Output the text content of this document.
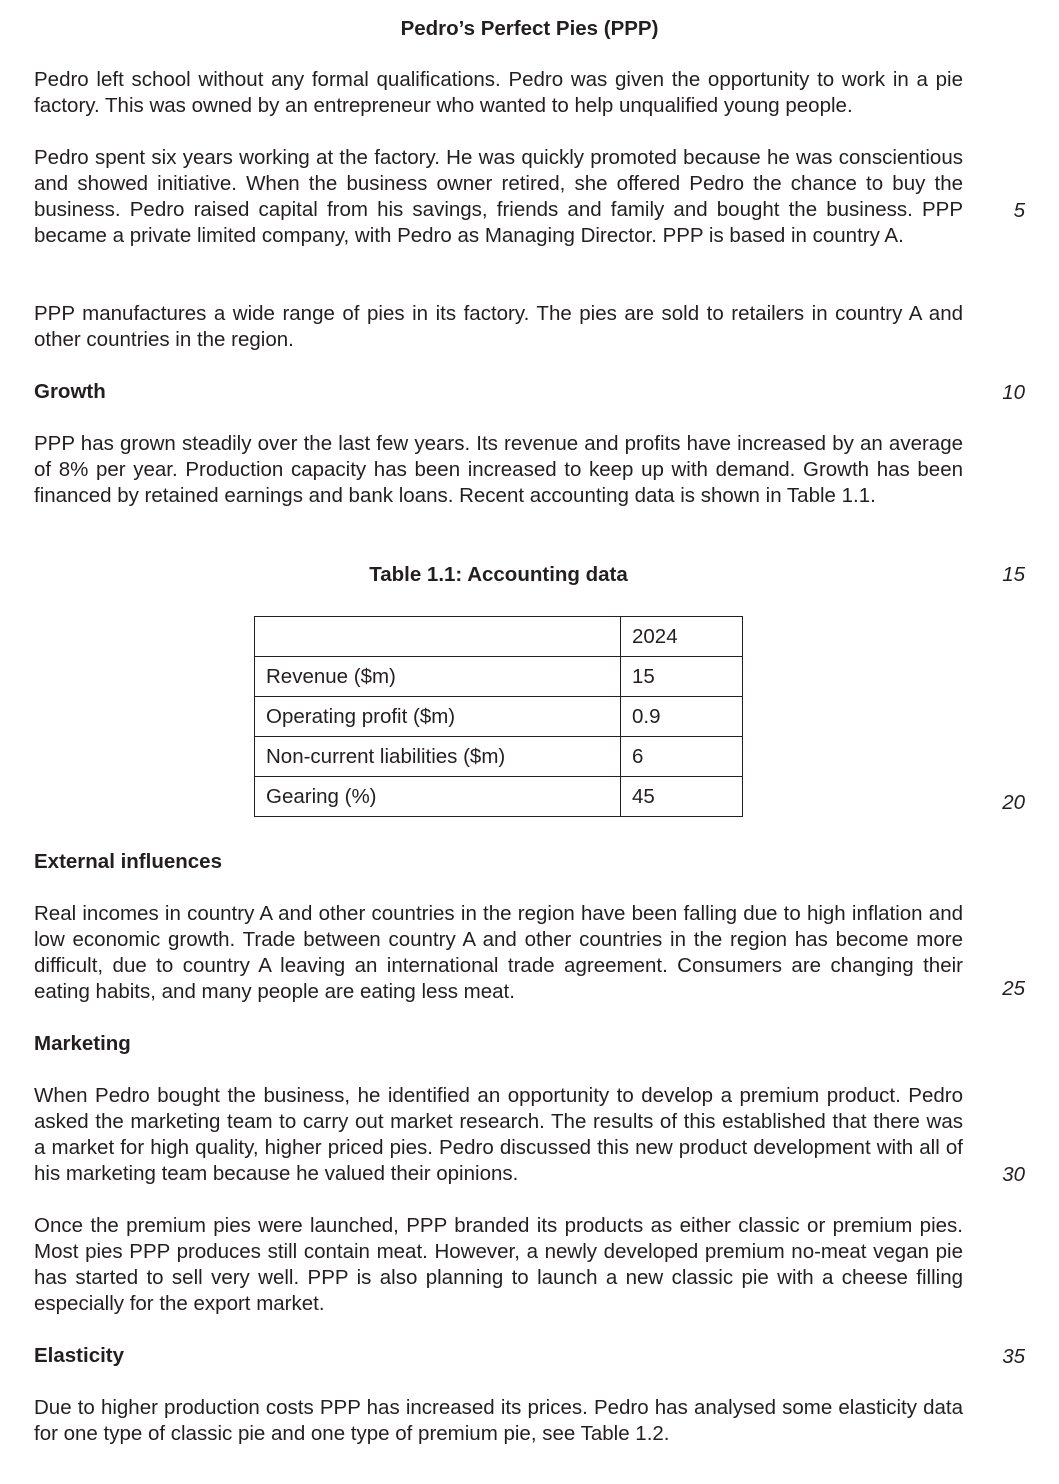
Pedro’s Perfect Pies (PPP)

Pedro left school without any formal qualifications. Pedro was given the opportunity to work in a pie factory. This was owned by an entrepreneur who wanted to help unqualified young people.

Pedro spent six years working at the factory. He was quickly promoted because he was conscientious and showed initiative. When the business owner retired, she offered Pedro the chance to buy the business. Pedro raised capital from his savings, friends and family and bought the business. PPP became a private limited company, with Pedro as Managing Director. PPP is based in country A.

PPP manufactures a wide range of pies in its factory. The pies are sold to retailers in country A and other countries in the region.

Growth

PPP has grown steadily over the last few years. Its revenue and profits have increased by an average of 8% per year. Production capacity has been increased to keep up with demand. Growth has been financed by retained earnings and bank loans. Recent accounting data is shown in Table 1.1.

Table 1.1: Accounting data
	2024
Revenue ($m)	15
Operating profit ($m)	0.9
Non-current liabilities ($m)	6
Gearing (%)	45
External influences

Real incomes in country A and other countries in the region have been falling due to high inflation and low economic growth. Trade between country A and other countries in the region has become more difficult, due to country A leaving an international trade agreement. Consumers are changing their eating habits, and many people are eating less meat.

Marketing

When Pedro bought the business, he identified an opportunity to develop a premium product. Pedro asked the marketing team to carry out market research. The results of this established that there was a market for high quality, higher priced pies. Pedro discussed this new product development with all of his marketing team because he valued their opinions.

Once the premium pies were launched, PPP branded its products as either classic or premium pies. Most pies PPP produces still contain meat. However, a newly developed premium no-meat vegan pie has started to sell very well. PPP is also planning to launch a new classic pie with a cheese filling especially for the export market.

Elasticity

Due to higher production costs PPP has increased its prices. Pedro has analysed some elasticity data for one type of classic pie and one type of premium pie, see Table 1.2.

5
10
15
20
25
30
35
